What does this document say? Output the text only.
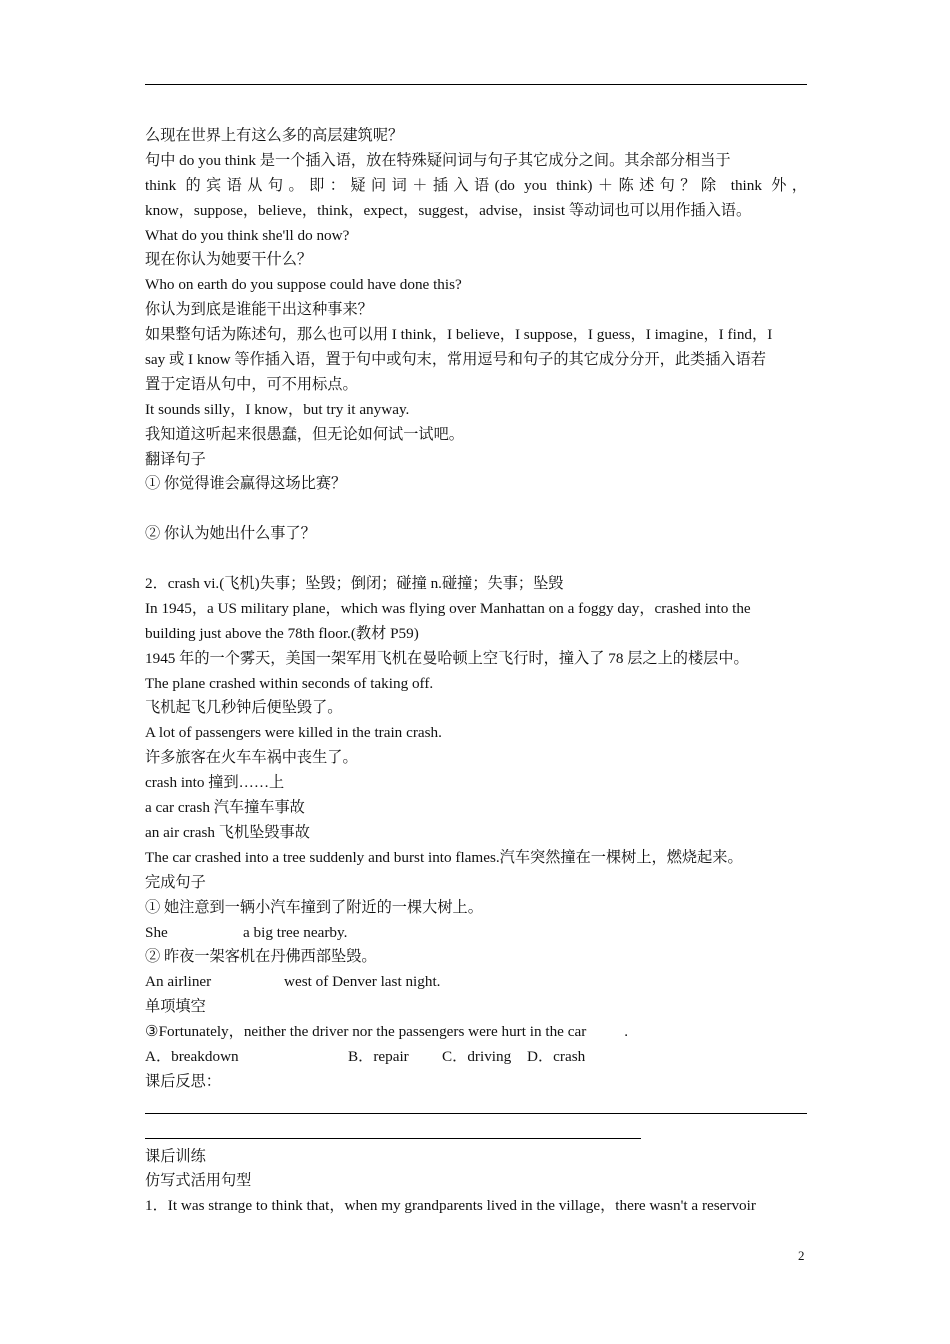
么现在世界上有这么多的高层建筑呢？
句中 do you think 是一个插入语，放在特殊疑问词与句子其它成分之间。其余部分相当于
think 的宾语从句。即：疑问词＋插入语(do you think)＋陈述句？除 think 外，
know，suppose，believe，think，expect，suggest，advise，insist 等动词也可以用作插入语。
What do you think she'll do now?
现在你认为她要干什么？
Who on earth do you suppose could have done this?
你认为到底是谁能干出这种事来？
如果整句话为陈述句，那么也可以用 I think，I believe，I suppose，I guess，I imagine，I find，I
say 或 I know 等作插入语，置于句中或句末，常用逗号和句子的其它成分分开，此类插入语若
置于定语从句中，可不用标点。
It sounds silly，I know，but try it anyway.
我知道这听起来很愚蠢，但无论如何试一试吧。
翻译句子
① 你觉得谁会赢得这场比赛？
② 你认为她出什么事了？
2．crash vi.(飞机)失事；坠毁；倒闭；碰撞 n.碰撞；失事；坠毁
In 1945，a US military plane，which was flying over Manhattan on a foggy day，crashed into the
building just above the 78th floor.(教材 P59)
1945 年的一个雾天，美国一架军用飞机在曼哈顿上空飞行时，撞入了 78 层之上的楼层中。
The plane crashed within seconds of taking off.
飞机起飞几秒钟后便坠毁了。
A lot of passengers were killed in the train crash.
许多旅客在火车车祸中丧生了。
crash into 撞到……上
a car crash 汽车撞车事故
an air crash 飞机坠毁事故
The car crashed into a tree suddenly and burst into flames.汽车突然撞在一棵树上，燃烧起来。
完成句子
① 她注意到一辆小汽车撞到了附近的一棵大树上。
She	a big tree nearby.
② 昨夜一架客机在丹佛西部坠毁。
An airliner	west of Denver last night.
单项填空
③Fortunately，neither the driver nor the passengers were hurt in the car	.
A．breakdown	B．repair C．driving D．crash
课后反思：
课后训练
仿写式活用句型
1．It was strange to think that，when my grandparents lived in the village，there wasn't a reservoir
2
